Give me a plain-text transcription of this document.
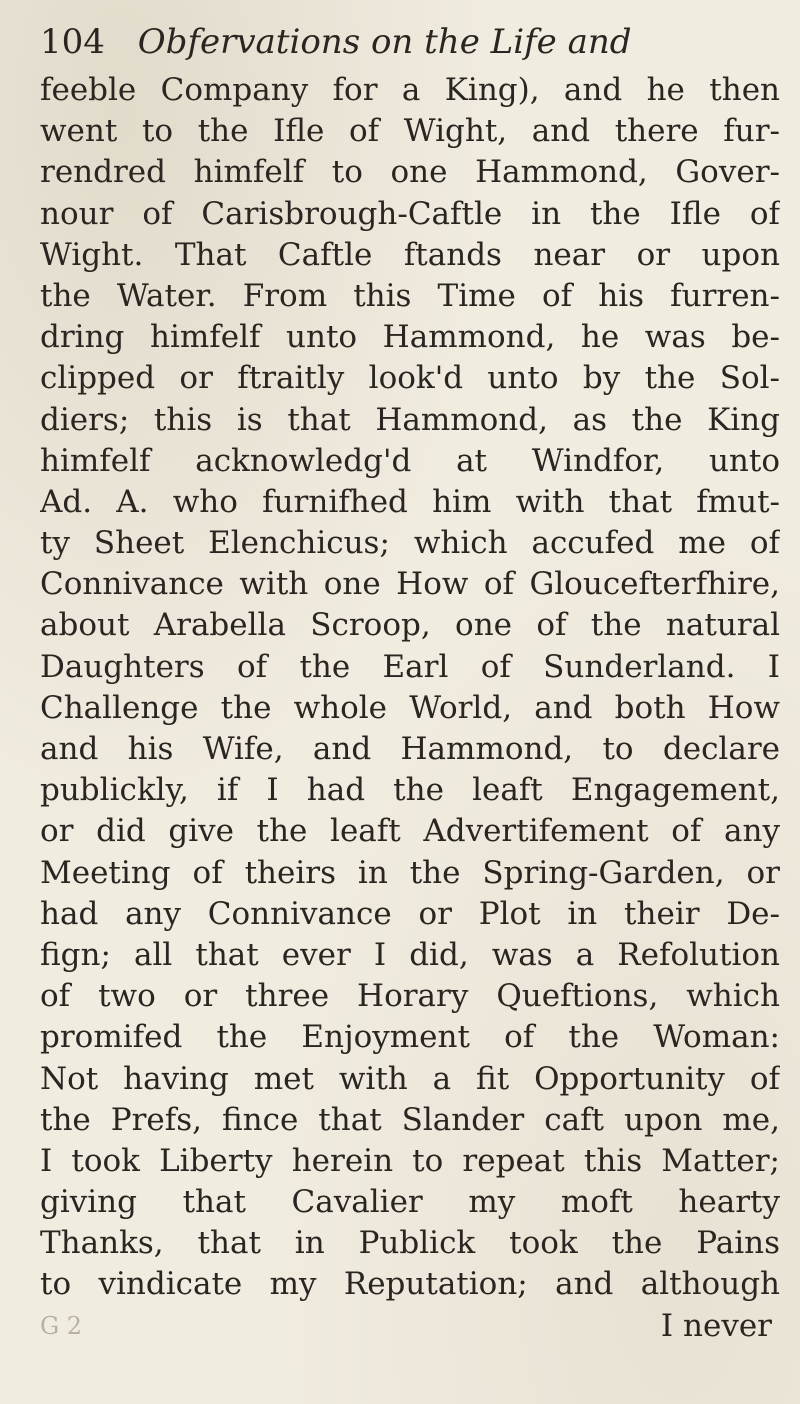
104 Obfervations on the Life and
feeble Company for a King), and he then
went to the Ifle of Wight, and there fur-
rendred himfelf to one Hammond, Gover-
nour of Carisbrough-Caftle in the Ifle of
Wight. That Caftle ftands near or upon
the Water. From this Time of his furren-
dring himfelf unto Hammond, he was be-
clipped or ftraitly look'd unto by the Sol-
diers; this is that Hammond, as the King
himfelf acknowledg'd at Windfor, unto
Ad. A. who furnifhed him with that fmut-
ty Sheet Elenchicus; which accufed me of
Connivance with one How of Gloucefterfhire,
about Arabella Scroop, one of the natural
Daughters of the Earl of Sunderland. I
Challenge the whole World, and both How
and his Wife, and Hammond, to declare
publickly, if I had the leaft Engagement,
or did give the leaft Advertifement of any
Meeting of theirs in the Spring-Garden, or
had any Connivance or Plot in their De-
fign; all that ever I did, was a Refolution
of two or three Horary Queftions, which
promifed the Enjoyment of the Woman:
Not having met with a fit Opportunity of
the Prefs, fince that Slander caft upon me,
I took Liberty herein to repeat this Matter;
giving that Cavalier my moft hearty
Thanks, that in Publick took the Pains
to vindicate my Reputation; and although
G 2	I never
